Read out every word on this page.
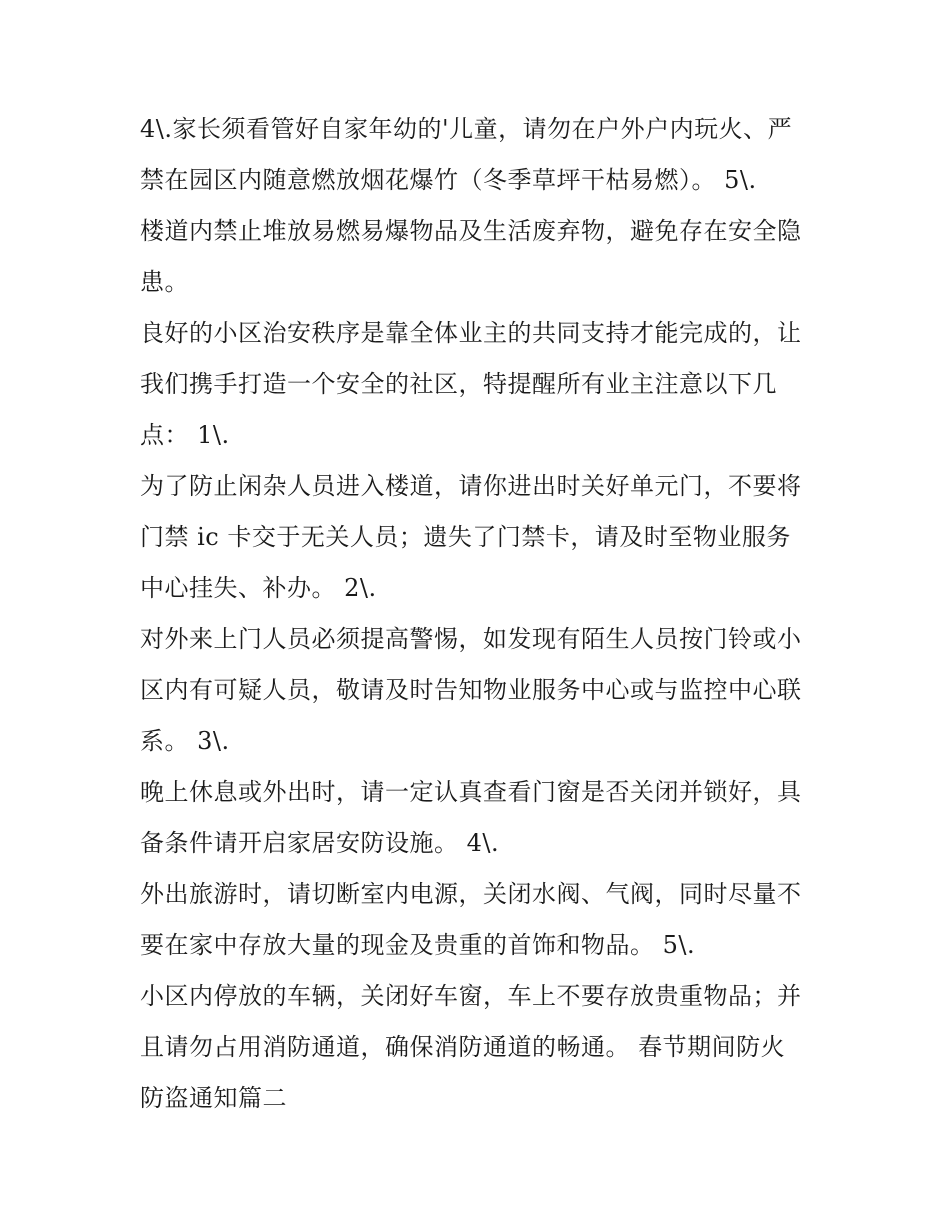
4\.家长须看管好自家年幼的'儿童，请勿在户外户内玩火、严
禁在园区内随意燃放烟花爆竹（冬季草坪干枯易燃）。 5\.
楼道内禁止堆放易燃易爆物品及生活废弃物，避免存在安全隐
患。
良好的小区治安秩序是靠全体业主的共同支持才能完成的，让
我们携手打造一个安全的社区，特提醒所有业主注意以下几
点： 1\.
为了防止闲杂人员进入楼道，请你进出时关好单元门，不要将
门禁 ic 卡交于无关人员；遗失了门禁卡，请及时至物业服务
中心挂失、补办。 2\.
对外来上门人员必须提高警惕，如发现有陌生人员按门铃或小
区内有可疑人员，敬请及时告知物业服务中心或与监控中心联
系。 3\.
晚上休息或外出时，请一定认真查看门窗是否关闭并锁好，具
备条件请开启家居安防设施。 4\.
外出旅游时，请切断室内电源，关闭水阀、气阀，同时尽量不
要在家中存放大量的现金及贵重的首饰和物品。 5\.
小区内停放的车辆，关闭好车窗，车上不要存放贵重物品；并
且请勿占用消防通道，确保消防通道的畅通。 春节期间防火
防盗通知篇二
